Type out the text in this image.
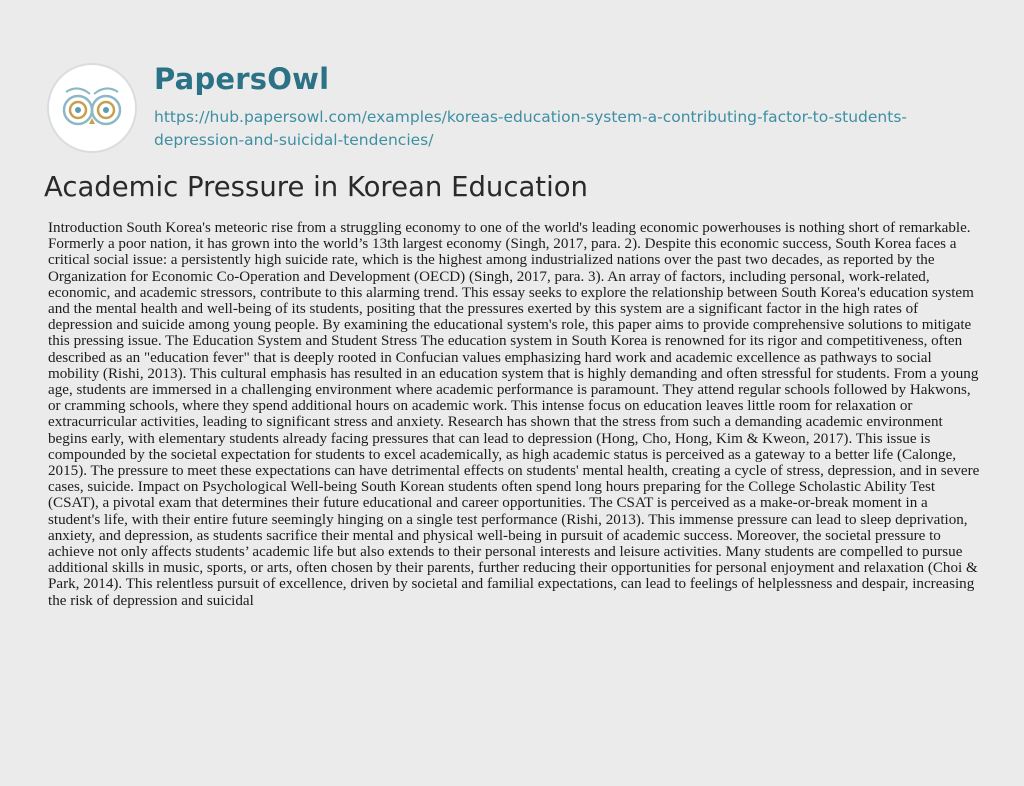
PapersOwl
https://hub.papersowl.com/examples/koreas-education-system-a-contributing-factor-to-students-depression-and-suicidal-tendencies/
Academic Pressure in Korean Education
Introduction South Korea's meteoric rise from a struggling economy to one of the world's leading economic powerhouses is nothing short of remarkable. Formerly a poor nation, it has grown into the world’s 13th largest economy (Singh, 2017, para. 2). Despite this economic success, South Korea faces a critical social issue: a persistently high suicide rate, which is the highest among industrialized nations over the past two decades, as reported by the Organization for Economic Co-Operation and Development (OECD) (Singh, 2017, para. 3). An array of factors, including personal, work-related, economic, and academic stressors, contribute to this alarming trend. This essay seeks to explore the relationship between South Korea's education system and the mental health and well-being of its students, positing that the pressures exerted by this system are a significant factor in the high rates of depression and suicide among young people. By examining the educational system's role, this paper aims to provide comprehensive solutions to mitigate this pressing issue. The Education System and Student Stress The education system in South Korea is renowned for its rigor and competitiveness, often described as an "education fever" that is deeply rooted in Confucian values emphasizing hard work and academic excellence as pathways to social mobility (Rishi, 2013). This cultural emphasis has resulted in an education system that is highly demanding and often stressful for students. From a young age, students are immersed in a challenging environment where academic performance is paramount. They attend regular schools followed by Hakwons, or cramming schools, where they spend additional hours on academic work. This intense focus on education leaves little room for relaxation or extracurricular activities, leading to significant stress and anxiety. Research has shown that the stress from such a demanding academic environment begins early, with elementary students already facing pressures that can lead to depression (Hong, Cho, Hong, Kim & Kweon, 2017). This issue is compounded by the societal expectation for students to excel academically, as high academic status is perceived as a gateway to a better life (Calonge, 2015). The pressure to meet these expectations can have detrimental effects on students' mental health, creating a cycle of stress, depression, and in severe cases, suicide. Impact on Psychological Well-being South Korean students often spend long hours preparing for the College Scholastic Ability Test (CSAT), a pivotal exam that determines their future educational and career opportunities. The CSAT is perceived as a make-or-break moment in a student's life, with their entire future seemingly hinging on a single test performance (Rishi, 2013). This immense pressure can lead to sleep deprivation, anxiety, and depression, as students sacrifice their mental and physical well-being in pursuit of academic success. Moreover, the societal pressure to achieve not only affects students’ academic life but also extends to their personal interests and leisure activities. Many students are compelled to pursue additional skills in music, sports, or arts, often chosen by their parents, further reducing their opportunities for personal enjoyment and relaxation (Choi & Park, 2014). This relentless pursuit of excellence, driven by societal and familial expectations, can lead to feelings of helplessness and despair, increasing the risk of depression and suicidal
